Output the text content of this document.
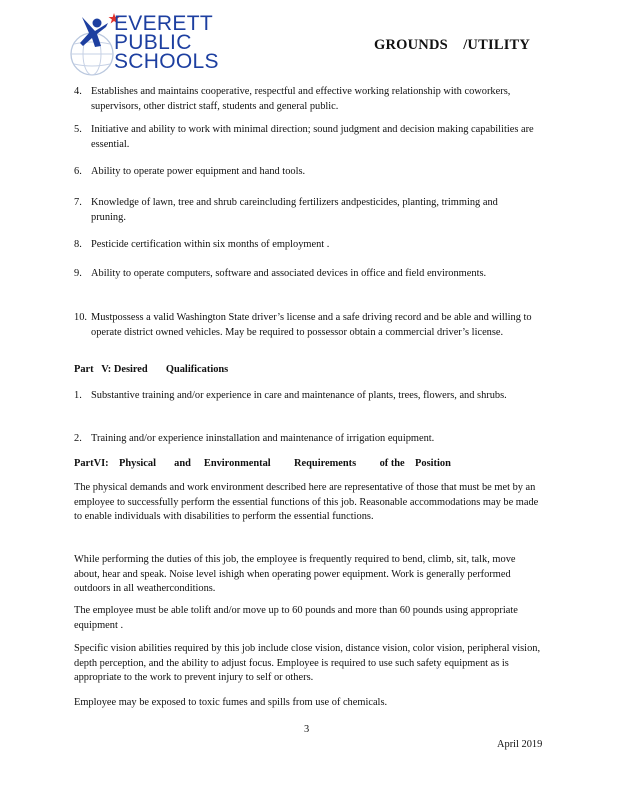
EVERETT
PUBLIC
SCHOOLS
GROUNDS    /UTILITY
4. Establishes and maintains cooperative, respectful and effective working relationship with coworkers, supervisors, other district staff, students and general public.
5. Initiative and ability to work with minimal direction; sound judgment and decision making capabilities are essential.
6. Ability to operate power equipment and hand tools.
7. Knowledge of lawn, tree and shrub careincluding fertilizers andpesticides, planting, trimming and pruning.
8. Pesticide certification within six months of employment .
9. Ability to operate computers, software and associated devices in office and field environments.
10. Mustpossess a valid Washington State driver’s license and a safe driving record and be able and willing to operate district owned vehicles. May be required to possessor obtain a commercial driver’s license.
Part   V: Desired       Qualifications
1. Substantive training and/or experience in care and maintenance of plants, trees, flowers, and shrubs.
2. Training and/or experience ininstallation and maintenance of irrigation equipment.
PartVI:    Physical       and     Environmental         Requirements         of the    Position
The physical demands and work environment described here are representative of those that must be met by an employee to successfully perform the essential functions of this job. Reasonable accommodations may be made to enable individuals with disabilities to perform the essential functions.
While performing the duties of this job, the employee is frequently required to bend, climb, sit, talk, move about, hear and speak. Noise level ishigh when operating power equipment. Work is generally performed outdoors in all weatherconditions.
The employee must be able tolift and/or move up to 60 pounds and more than 60 pounds using appropriate equipment .
Specific vision abilities required by this job include close vision, distance vision, color vision, peripheral vision, depth perception, and the ability to adjust focus. Employee is required to use such safety equipment as is appropriate to the work to prevent injury to self or others.
Employee may be exposed to toxic fumes and spills from use of chemicals.
3
April 2019
